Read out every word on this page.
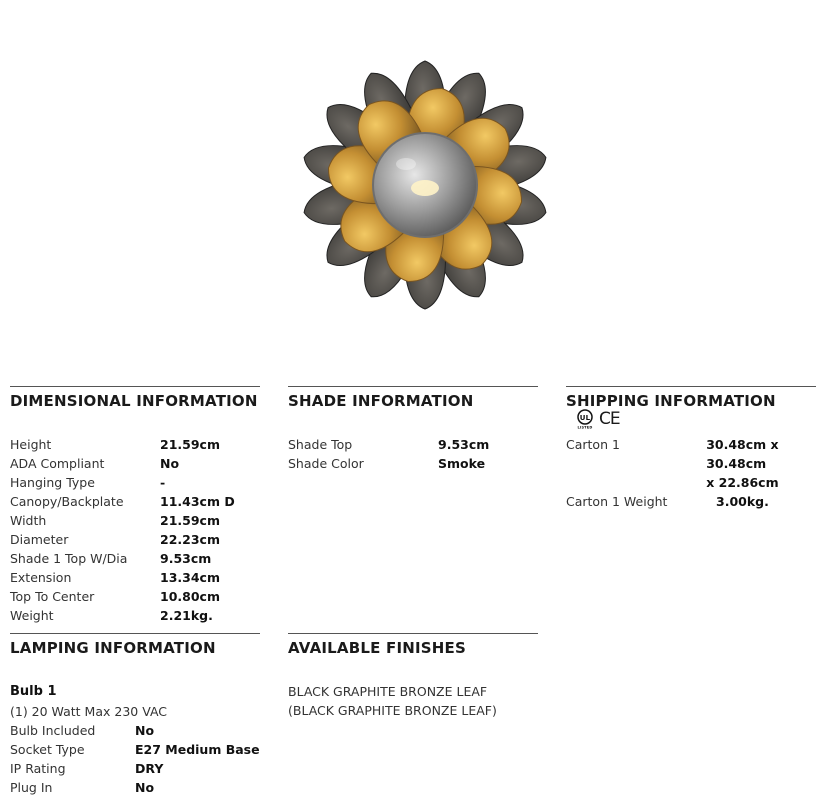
DIMENSIONAL INFORMATION
Height	21.59cm
ADA Compliant	No
Hanging Type	-
Canopy/Backplate	11.43cm D
Width	21.59cm
Diameter	22.23cm
Shade 1 Top W/Dia	9.53cm
Extension	13.34cm
Top To Center	10.80cm
Weight	2.21kg.
SHADE INFORMATION
Shade Top	9.53cm
Shade Color	Smoke
SHIPPING INFORMATION
UL
LISTED CE
Carton 1	30.48cm x 30.48cm
x 22.86cm
Carton 1 Weight	3.00kg.
LAMPING INFORMATION
Bulb 1
(1) 20 Watt Max 230 VAC
Bulb Included	No
Socket Type	E27 Medium Base
IP Rating	DRY
Plug In	No
AVAILABLE FINISHES
BLACK GRAPHITE BRONZE LEAF (BLACK GRAPHITE BRONZE LEAF)
